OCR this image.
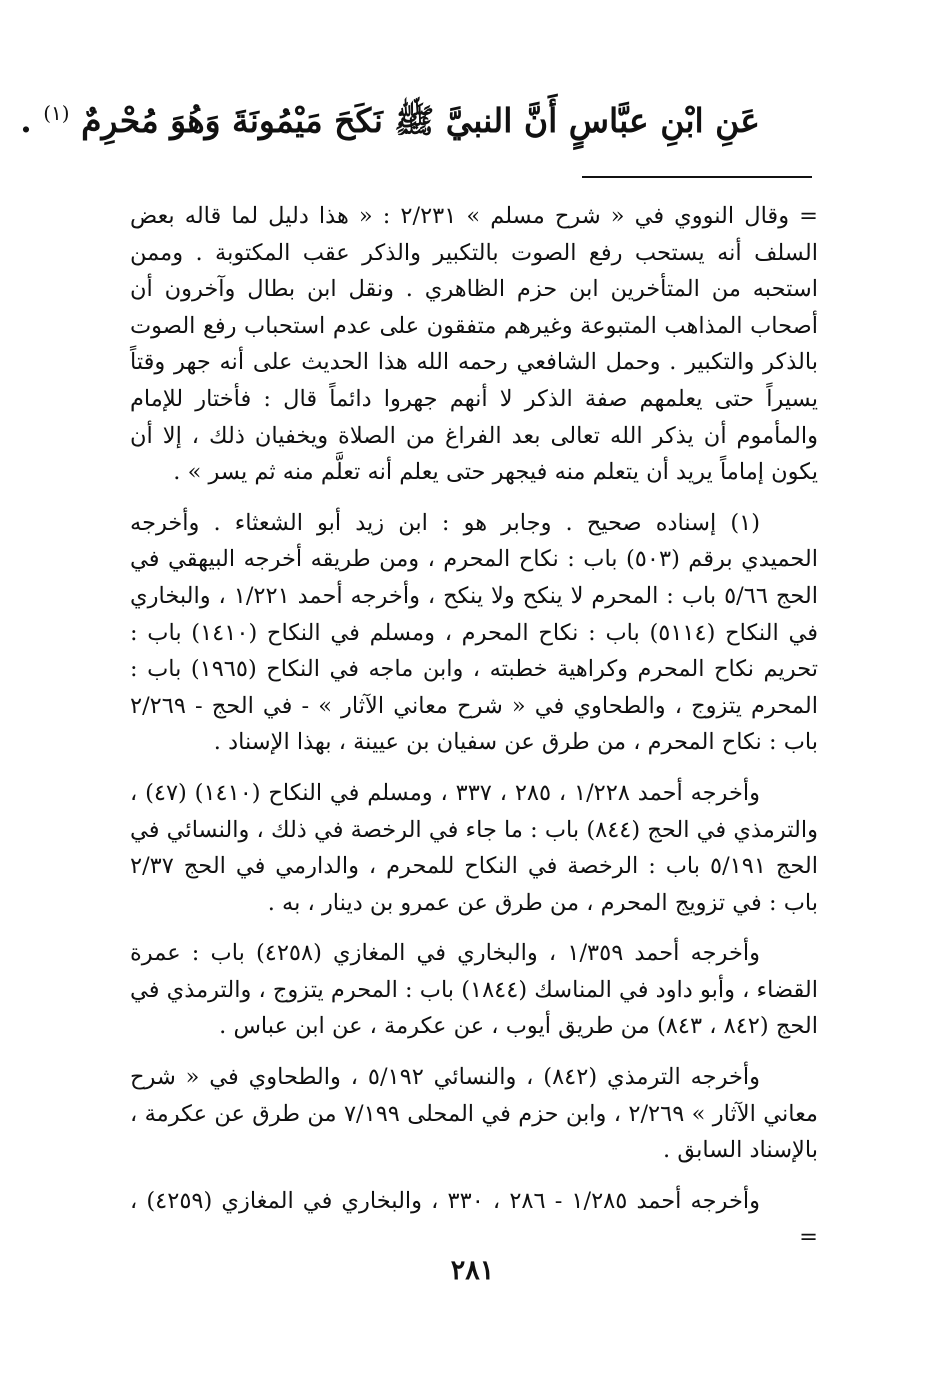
عَنِ ابْنِ عبَّاسٍ أَنَّ النبيَّ ﷺ نَكَحَ مَيْمُونَةَ وَهُوَ مُحْرِمٌ $^{(١)}$ .

= وقال النووي في « شرح مسلم » ٢/٢٣١ : « هذا دليل لما قاله بعض السلف أنه يستحب رفع الصوت بالتكبير والذكر عقب المكتوبة . وممن استحبه من المتأخرين ابن حزم الظاهري . ونقل ابن بطال وآخرون أن أصحاب المذاهب المتبوعة وغيرهم متفقون على عدم استحباب رفع الصوت بالذكر والتكبير . وحمل الشافعي رحمه الله هذا الحديث على أنه جهر وقتاً يسيراً حتى يعلمهم صفة الذكر لا أنهم جهروا دائماً قال : فأختار للإمام والمأموم أن يذكر الله تعالى بعد الفراغ من الصلاة ويخفيان ذلك ، إلا أن يكون إماماً يريد أن يتعلم منه فيجهر حتى يعلم أنه تعلَّم منه ثم يسر » .

(١) إسناده صحيح . وجابر هو : ابن زيد أبو الشعثاء . وأخرجه الحميدي برقم (٥٠٣) باب : نكاح المحرم ، ومن طريقه أخرجه البيهقي في الحج ٥/٦٦ باب : المحرم لا ينكح ولا ينكح ، وأخرجه أحمد ١/٢٢١ ، والبخاري في النكاح (٥١١٤) باب : نكاح المحرم ، ومسلم في النكاح (١٤١٠) باب : تحريم نكاح المحرم وكراهية خطبته ، وابن ماجه في النكاح (١٩٦٥) باب : المحرم يتزوج ، والطحاوي في « شرح معاني الآثار » - في الحج - ٢/٢٦٩ باب : نكاح المحرم ، من طرق عن سفيان بن عيينة ، بهذا الإسناد .

وأخرجه أحمد ١/٢٢٨ ، ٢٨٥ ، ٣٣٧ ، ومسلم في النكاح (١٤١٠) (٤٧) ، والترمذي في الحج (٨٤٤) باب : ما جاء في الرخصة في ذلك ، والنسائي في الحج ٥/١٩١ باب : الرخصة في النكاح للمحرم ، والدارمي في الحج ٢/٣٧ باب : في تزويج المحرم ، من طرق عن عمرو بن دينار ، به .

وأخرجه أحمد ١/٣٥٩ ، والبخاري في المغازي (٤٢٥٨) باب : عمرة القضاء ، وأبو داود في المناسك (١٨٤٤) باب : المحرم يتزوج ، والترمذي في الحج (٨٤٢ ، ٨٤٣) من طريق أيوب ، عن عكرمة ، عن ابن عباس .

وأخرجه الترمذي (٨٤٢) ، والنسائي ٥/١٩٢ ، والطحاوي في « شرح معاني الآثار » ٢/٢٦٩ ، وابن حزم في المحلى ٧/١٩٩ من طرق عن عكرمة ، بالإسناد السابق .

وأخرجه أحمد ١/٢٨٥ - ٢٨٦ ، ٣٣٠ ، والبخاري في المغازي (٤٢٥٩) ، =

٢٨١
